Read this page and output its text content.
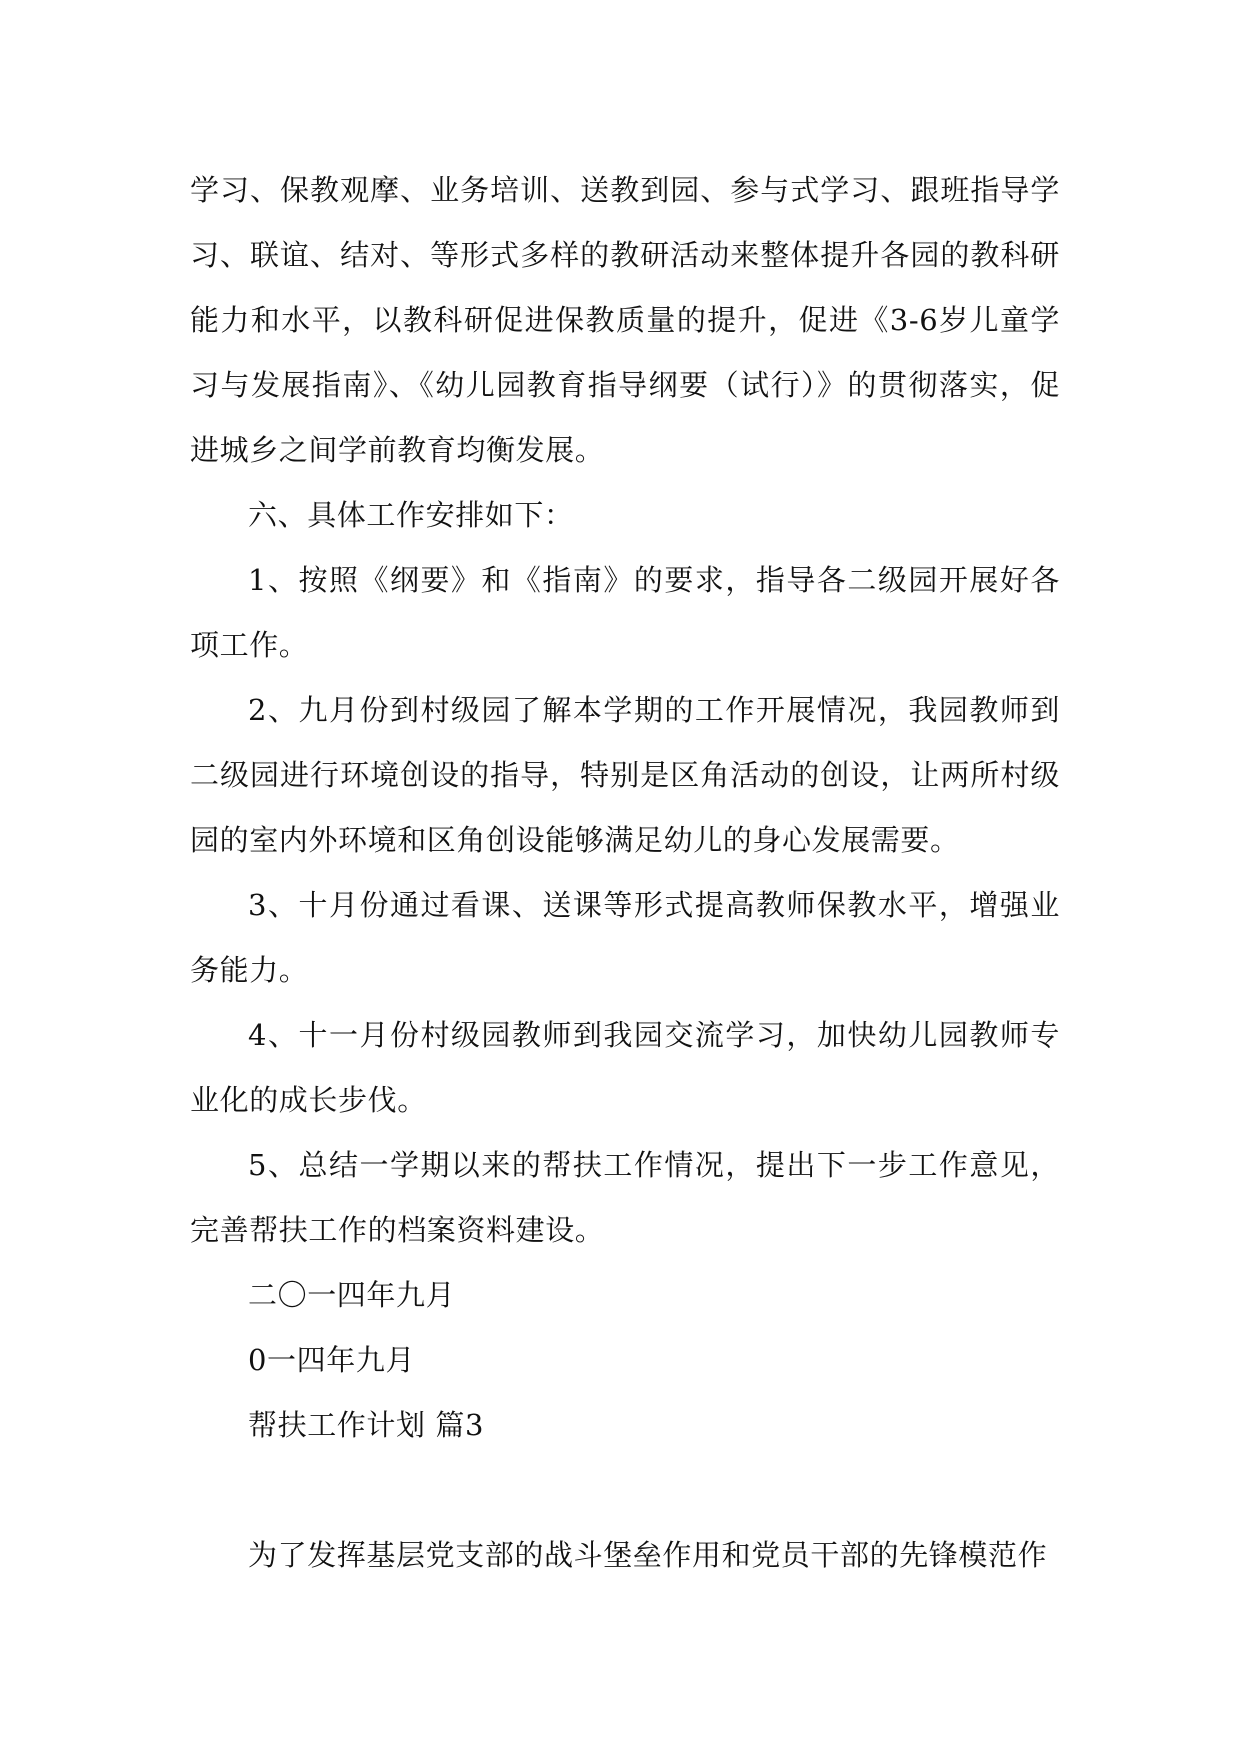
学习、保教观摩、业务培训、送教到园、参与式学习、跟班指导学习、联谊、结对、等形式多样的教研活动来整体提升各园的教科研能力和水平，以教科研促进保教质量的提升，促进《3-6岁儿童学习与发展指南》、《幼儿园教育指导纲要（试行）》的贯彻落实，促进城乡之间学前教育均衡发展。

六、具体工作安排如下：

1、按照《纲要》和《指南》的要求，指导各二级园开展好各项工作。

2、九月份到村级园了解本学期的工作开展情况，我园教师到二级园进行环境创设的指导，特别是区角活动的创设，让两所村级园的室内外环境和区角创设能够满足幼儿的身心发展需要。

3、十月份通过看课、送课等形式提高教师保教水平，增强业务能力。

4、十一月份村级园教师到我园交流学习，加快幼儿园教师专业化的成长步伐。

5、总结一学期以来的帮扶工作情况，提出下一步工作意见，完善帮扶工作的档案资料建设。

二〇一四年九月

0一四年九月

帮扶工作计划 篇3

为了发挥基层党支部的战斗堡垒作用和党员干部的先锋模范作
